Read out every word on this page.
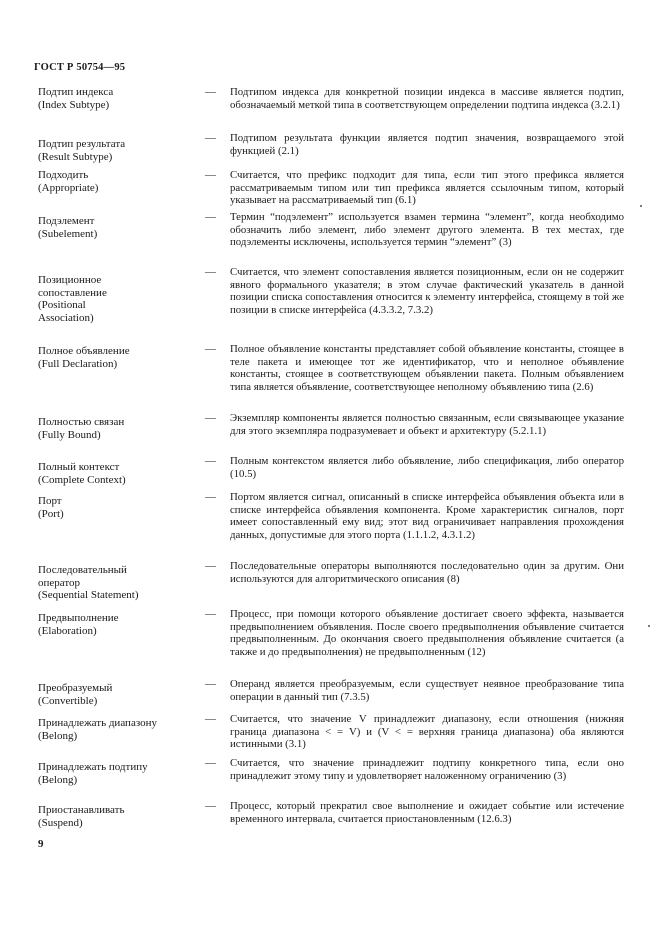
ГОСТ Р 50754—95
Подтип индекса
(Index Subtype)
— Подтипом индекса для конкретной позиции индекса в массиве является подтип, обозначаемый меткой типа в соответствующем определении подтипа индекса (3.2.1)
Подтип результата
(Result Subtype)
— Подтипом результата функции является подтип значения, возвращаемого этой функцией (2.1)
Подходить
(Appropriate)
— Считается, что префикс подходит для типа, если тип этого префикса является рассматриваемым типом или тип префикса является ссылочным типом, который указывает на рассматриваемый тип (6.1)
Подэлемент
(Subelement)
— Термин “подэлемент” используется взамен термина “элемент”, когда необходимо обозначить либо элемент, либо элемент другого элемента. В тех местах, где подэлементы исключены, используется термин “элемент” (3)
Позиционное
сопоставление
(Positional
Association)
— Считается, что элемент сопоставления является позиционным, если он не содержит явного формального указателя; в этом случае фактический указатель в данной позиции списка сопоставления относится к элементу интерфейса, стоящему в той же позиции в списке интерфейса (4.3.3.2, 7.3.2)
Полное объявление
(Full Declaration)
— Полное объявление константы представляет собой объявление константы, стоящее в теле пакета и имеющее тот же идентификатор, что и неполное объявление константы, стоящее в соответствующем объявлении пакета. Полным объявлением типа является объявление, соответствующее неполному объявлению типа (2.6)
Полностью связан
(Fully Bound)
— Экземпляр компоненты является полностью связанным, если связывающее указание для этого экземпляра подразумевает и объект и архитектуру (5.2.1.1)
Полный контекст
(Complete Context)
— Полным контекстом является либо объявление, либо спецификация, либо оператор (10.5)
Порт
(Port)
— Портом является сигнал, описанный в списке интерфейса объявления объекта или в списке интерфейса объявления компонента. Кроме характеристик сигналов, порт имеет сопоставленный ему вид; этот вид ограничивает направления прохождения данных, допустимые для этого порта (1.1.1.2, 4.3.1.2)
Последовательный
оператор
(Sequential Statement)
— Последовательные операторы выполняются последовательно один за другим. Они используются для алгоритмического описания (8)
Предвыполнение
(Elaboration)
— Процесс, при помощи которого объявление достигает своего эффекта, называется предвыполнением объявления. После своего предвыполнения объявление считается предвыполненным. До окончания своего предвыполнения объявление считается (а также и до предвыполнения) не предвыполненным (12)
Преобразуемый
(Convertible)
— Операнд является преобразуемым, если существует неявное преобразование типа операции в данный тип (7.3.5)
Принадлежать диапазону
(Belong)
— Считается, что значение V принадлежит диапазону, если отношения (нижняя граница диапазона < = V) и (V < = верхняя граница диапазона) оба являются истинными (3.1)
Принадлежать подтипу
(Belong)
— Считается, что значение принадлежит подтипу конкретного типа, если оно принадлежит этому типу и удовлетворяет наложенному ограничению (3)
Приостанавливать
(Suspend)
— Процесс, который прекратил свое выполнение и ожидает событие или истечение временного интервала, считается приостановленным (12.6.3)
9
